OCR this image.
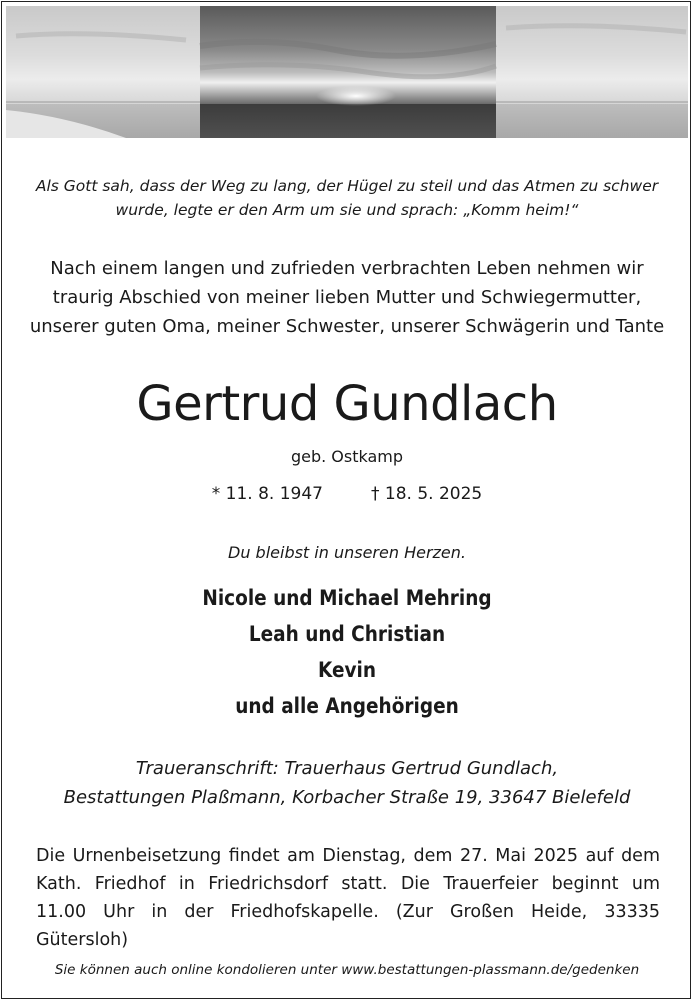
Als Gott sah, dass der Weg zu lang, der Hügel zu steil und das Atmen zu schwer
wurde, legte er den Arm um sie und sprach: „Komm heim!“
Nach einem langen und zufrieden verbrachten Leben nehmen wir
traurig Abschied von meiner lieben Mutter und Schwiegermutter,
unserer guten Oma, meiner Schwester, unserer Schwägerin und Tante
Gertrud Gundlach
geb. Ostkamp
* 11. 8. 1947	† 18. 5. 2025
Du bleibst in unseren Herzen.
Nicole und Michael Mehring
Leah und Christian
Kevin
und alle Angehörigen
Traueranschrift: Trauerhaus Gertrud Gundlach,
Bestattungen Plaßmann, Korbacher Straße 19, 33647 Bielefeld
Die Urnenbeisetzung findet am Dienstag, dem 27. Mai 2025 auf dem
Kath. Friedhof in Friedrichsdorf statt. Die Trauerfeier beginnt um
11.00 Uhr in der Friedhofskapelle. (Zur Großen Heide, 33335 Gütersloh)
Sie können auch online kondolieren unter www.bestattungen-plassmann.de/gedenken
